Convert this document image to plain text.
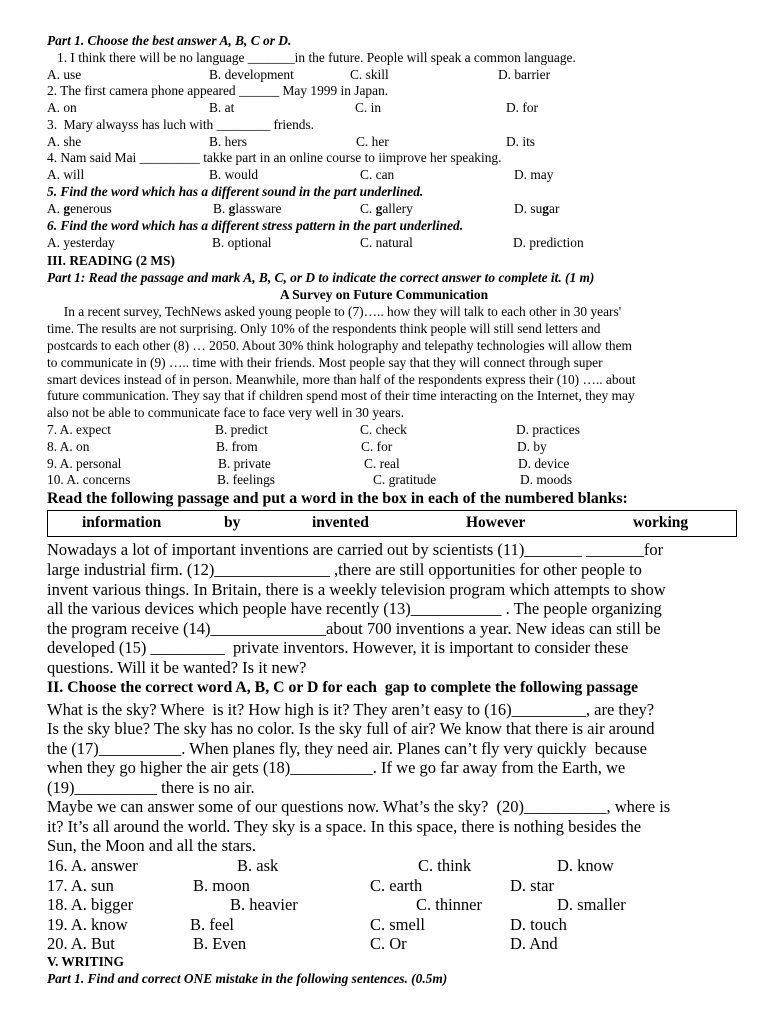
Part 1. Choose the best answer A, B, C or D.
1. I think there will be no language _______in the future. People will speak a common language.
A. use	B. development	C. skill	D. barrier
2. The first camera phone appeared ______ May 1999 in Japan.
A. on	B. at	C. in	D. for
3.  Mary alwayss has luch with ________ friends.
A. she	B. hers	C. her	D. its
4. Nam said Mai _________ takke part in an online course to iimprove her speaking.
A. will	B. would	C. can	D. may
5. Find the word which has a different sound in the part underlined.
A. generous	B. glassware	C. gallery	D. sugar
6. Find the word which has a different stress pattern in the part underlined.
A. yesterday	B. optional	C. natural	D. prediction
III. READING (2 MS)
Part 1: Read the passage and mark A, B, C, or D to indicate the correct answer to complete it. (1 m)
A Survey on Future Communication
In a recent survey, TechNews asked young people to (7)….. how they will talk to each other in 30 years'
time. The results are not surprising. Only 10% of the respondents think people will still send letters and
postcards to each other (8) … 2050. About 30% think holography and telepathy technologies will allow them
to communicate in (9) ….. time with their friends. Most people say that they will connect through super
smart devices instead of in person. Meanwhile, more than half of the respondents express their (10) ….. about
future communication. They say that if children spend most of their time interacting on the Internet, they may
also not be able to communicate face to face very well in 30 years.
7. A. expect	B. predict	C. check	D. practices
8. A. on	B. from	C. for	D. by
9. A. personal	B. private	C. real	D. device
10. A. concerns	B. feelings	C. gratitude	D. moods
Read the following passage and put a word in the box in each of the numbered blanks:
information	by	invented	However	working
Nowadays a lot of important inventions are carried out by scientists (11)_______ _______for
large industrial firm. (12)______________ ,there are still opportunities for other people to
invent various things. In Britain, there is a weekly television program which attempts to show
all the various devices which people have recently (13)___________ . The people organizing
the program receive (14)______________about 700 inventions a year. New ideas can still be
developed (15) _________  private inventors. However, it is important to consider these
questions. Will it be wanted? Is it new?
II. Choose the correct word A, B, C or D for each  gap to complete the following passage
What is the sky? Where  is it? How high is it? They aren’t easy to (16)_________, are they?
Is the sky blue? The sky has no color. Is the sky full of air? We know that there is air around
the (17)__________. When planes fly, they need air. Planes can’t fly very quickly  because
when they go higher the air gets (18)__________. If we go far away from the Earth, we
(19)__________ there is no air.
Maybe we can answer some of our questions now. What’s the sky?  (20)__________, where is
it? It’s all around the world. They sky is a space. In this space, there is nothing besides the
Sun, the Moon and all the stars.
16. A. answer	B. ask	C. think	D. know
17. A. sun	B. moon	C. earth	D. star
18. A. bigger	B. heavier	C. thinner	D. smaller
19. A. know	B. feel	C. smell	D. touch
20. A. But	B. Even	C. Or	D. And
V. WRITING
Part 1. Find and correct ONE mistake in the following sentences. (0.5m)
